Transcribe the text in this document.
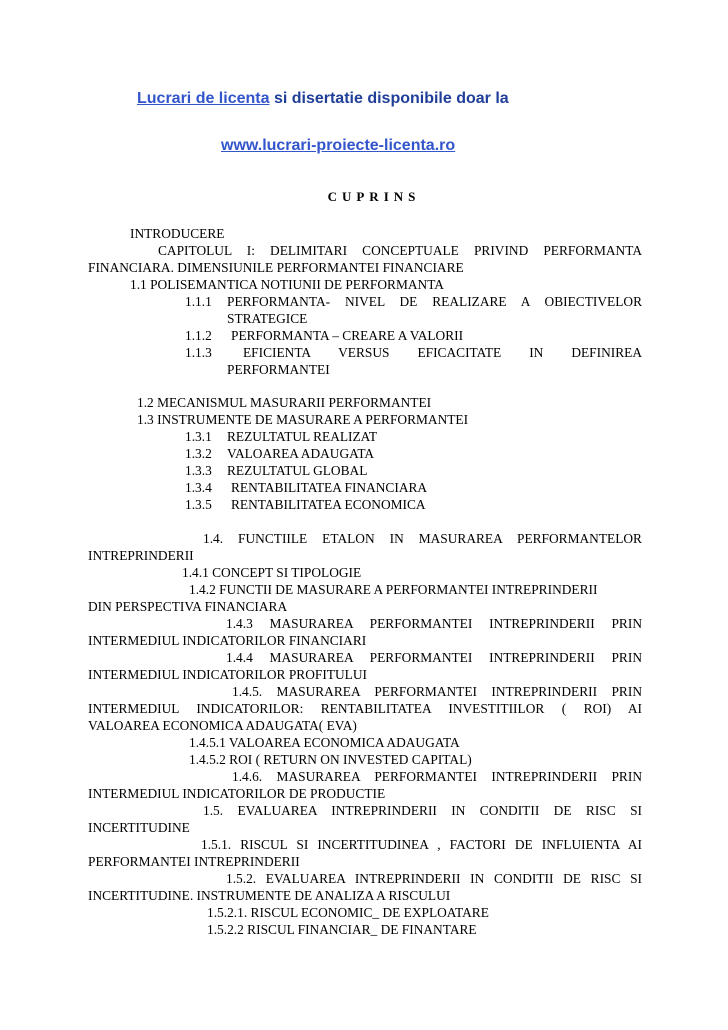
Lucrari de licenta si disertatie disponibile doar la
www.lucrari-proiecte-licenta.ro
CUPRINS
INTRODUCERE
CAPITOLUL I: DELIMITARI CONCEPTUALE PRIVIND PERFORMANTA
FINANCIARA. DIMENSIUNILE PERFORMANTEI FINANCIARE
1.1 POLISEMANTICA NOTIUNII DE PERFORMANTA
1.1.1 PERFORMANTA- NIVEL DE REALIZARE A OBIECTIVELOR
STRATEGICE
1.1.2 PERFORMANTA – CREARE A VALORII
1.1.3 EFICIENTA VERSUS EFICACITATE IN DEFINIREA
PERFORMANTEI
1.2 MECANISMUL MASURARII PERFORMANTEI
1.3 INSTRUMENTE DE MASURARE A PERFORMANTEI
1.3.1 REZULTATUL REALIZAT
1.3.2 VALOAREA ADAUGATA
1.3.3 REZULTATUL GLOBAL
1.3.4 RENTABILITATEA FINANCIARA
1.3.5 RENTABILITATEA ECONOMICA
1.4. FUNCTIILE ETALON IN MASURAREA PERFORMANTELOR
INTREPRINDERII
1.4.1 CONCEPT SI TIPOLOGIE
1.4.2 FUNCTII DE MASURARE A PERFORMANTEI INTREPRINDERII
DIN PERSPECTIVA FINANCIARA
1.4.3 MASURAREA PERFORMANTEI INTREPRINDERII PRIN
INTERMEDIUL INDICATORILOR FINANCIARI
1.4.4 MASURAREA PERFORMANTEI INTREPRINDERII PRIN
INTERMEDIUL INDICATORILOR PROFITULUI
1.4.5. MASURAREA PERFORMANTEI INTREPRINDERII PRIN
INTERMEDIUL INDICATORILOR: RENTABILITATEA INVESTITIILOR ( ROI) AI
VALOAREA ECONOMICA ADAUGATA( EVA)
1.4.5.1 VALOAREA ECONOMICA ADAUGATA
1.4.5.2 ROI ( RETURN ON INVESTED CAPITAL)
1.4.6. MASURAREA PERFORMANTEI INTREPRINDERII PRIN
INTERMEDIUL INDICATORILOR DE PRODUCTIE
1.5. EVALUAREA INTREPRINDERII IN CONDITII DE RISC SI
INCERTITUDINE
1.5.1. RISCUL SI INCERTITUDINEA , FACTORI DE INFLUIENTA AI
PERFORMANTEI INTREPRINDERII
1.5.2. EVALUAREA INTREPRINDERII IN CONDITII DE RISC SI
INCERTITUDINE. INSTRUMENTE DE ANALIZA A RISCULUI
1.5.2.1. RISCUL ECONOMIC_ DE EXPLOATARE
1.5.2.2 RISCUL FINANCIAR_ DE FINANTARE
